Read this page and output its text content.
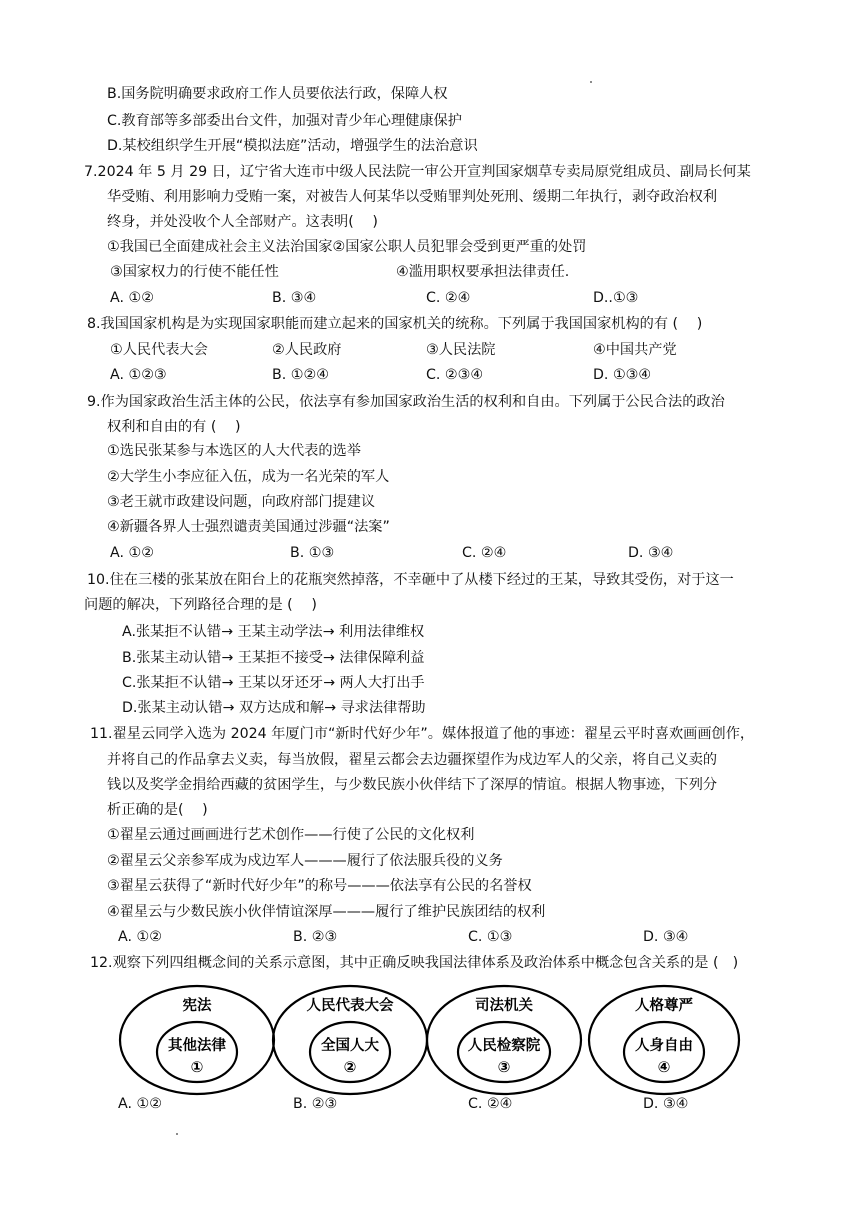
B.国务院明确要求政府工作人员要依法行政，保障人权
C.教育部等多部委出台文件，加强对青少年心理健康保护
D.某校组织学生开展“模拟法庭”活动，增强学生的法治意识
7.2024 年 5 月 29 日，辽宁省大连市中级人民法院一审公开宣判国家烟草专卖局原党组成员、副局长何某
华受贿、利用影响力受贿一案，对被告人何某华以受贿罪判处死刑、缓期二年执行，剥夺政治权利
终身，并处没收个人全部财产。这表明(　 )
①我国已全面建成社会主义法治国家②国家公职人员犯罪会受到更严重的处罚
③国家权力的行使不能任性	④滥用职权要承担法律责任.
A. ①②	B. ③④	C. ②④	D..①③
8.我国国家机构是为实现国家职能而建立起来的国家机关的统称。下列属于我国国家机构的有 (　 )
①人民代表大会	②人民政府	③人民法院	④中国共产党
A. ①②③	B. ①②④	C. ②③④	D. ①③④
9.作为国家政治生活主体的公民，依法享有参加国家政治生活的权利和自由。下列属于公民合法的政治
权利和自由的有 (　 )
①选民张某参与本选区的人大代表的选举
②大学生小李应征入伍，成为一名光荣的军人
③老王就市政建设问题，向政府部门提建议
④新疆各界人士强烈谴责美国通过涉疆“法案”
A. ①②	B. ①③	C. ②④	D. ③④
10.住在三楼的张某放在阳台上的花瓶突然掉落，不幸砸中了从楼下经过的王某，导致其受伤，对于这一
问题的解决，下列路径合理的是 (　 )
A.张某拒不认错→ 王某主动学法→ 利用法律维权
B.张某主动认错→ 王某拒不接受→ 法律保障利益
C.张某拒不认错→ 王某以牙还牙→ 两人大打出手
D.张某主动认错→ 双方达成和解→ 寻求法律帮助
11.翟星云同学入选为 2024 年厦门市“新时代好少年”。媒体报道了他的事迹：翟星云平时喜欢画画创作，
并将自己的作品拿去义卖，每当放假，翟星云都会去边疆探望作为戍边军人的父亲，将自己义卖的
钱以及奖学金捐给西藏的贫困学生，与少数民族小伙伴结下了深厚的情谊。根据人物事迹，下列分
析正确的是(　 )
①翟星云通过画画进行艺术创作——行使了公民的文化权利
②翟星云父亲参军成为戍边军人———履行了依法服兵役的义务
③翟星云获得了“新时代好少年”的称号———依法享有公民的名誉权
④翟星云与少数民族小伙伴情谊深厚———履行了维护民族团结的权利
A. ①②	B. ②③	C. ①③	D. ③④
12.观察下列四组概念间的关系示意图，其中正确反映我国法律体系及政治体系中概念包含关系的是 (　)
宪法
其他法律
①
人民代表大会
全国人大
②
司法机关
人民检察院
③
人格尊严
人身自由
④
A. ①②	B. ②③	C. ②④	D. ③④
